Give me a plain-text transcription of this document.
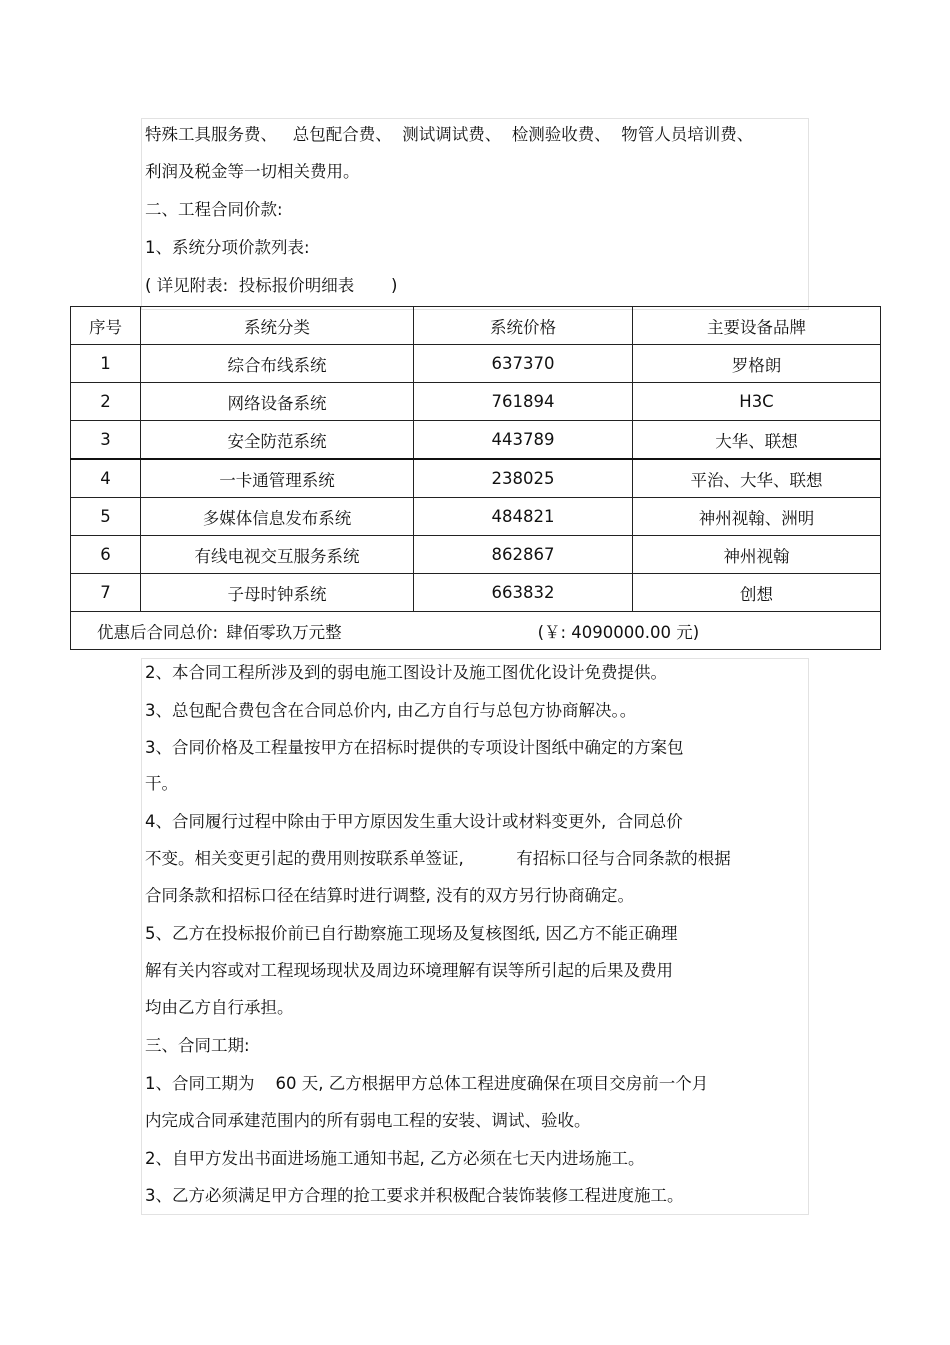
特殊工具服务费、   总包配合费、  测试调试费、  检测验收费、  物管人员培训费、
利润及税金等一切相关费用。
二、工程合同价款:
1、系统分项价款列表:
( 详见附表:  投标报价明细表       )
序号	系统分类	系统价格	主要设备品牌
1	综合布线系统	637370	罗格朗
2	网络设备系统	761894	H3C
3	安全防范系统	443789	大华、联想
4	一卡通管理系统	238025	平治、大华、联想
5	多媒体信息发布系统	484821	神州视翰、洲明
6	有线电视交互服务系统	862867	神州视翰
7	子母时钟系统	663832	创想
优惠后合同总价: 肆佰零玖万元整 (￥: 4090000.00 元)			
2、本合同工程所涉及到的弱电施工图设计及施工图优化设计免费提供。
3、总包配合费包含在合同总价内, 由乙方自行与总包方协商解决。。
3、合同价格及工程量按甲方在招标时提供的专项设计图纸中确定的方案包
干。
4、合同履行过程中除由于甲方原因发生重大设计或材料变更外,  合同总价
不变。相关变更引起的费用则按联系单签证,          有招标口径与合同条款的根据
合同条款和招标口径在结算时进行调整, 没有的双方另行协商确定。
5、乙方在投标报价前已自行勘察施工现场及复核图纸, 因乙方不能正确理
解有关内容或对工程现场现状及周边环境理解有误等所引起的后果及费用
均由乙方自行承担。
三、合同工期:
1、合同工期为    60 天, 乙方根据甲方总体工程进度确保在项目交房前一个月
内完成合同承建范围内的所有弱电工程的安装、调试、验收。
2、自甲方发出书面进场施工通知书起, 乙方必须在七天内进场施工。
3、乙方必须满足甲方合理的抢工要求并积极配合装饰装修工程进度施工。
